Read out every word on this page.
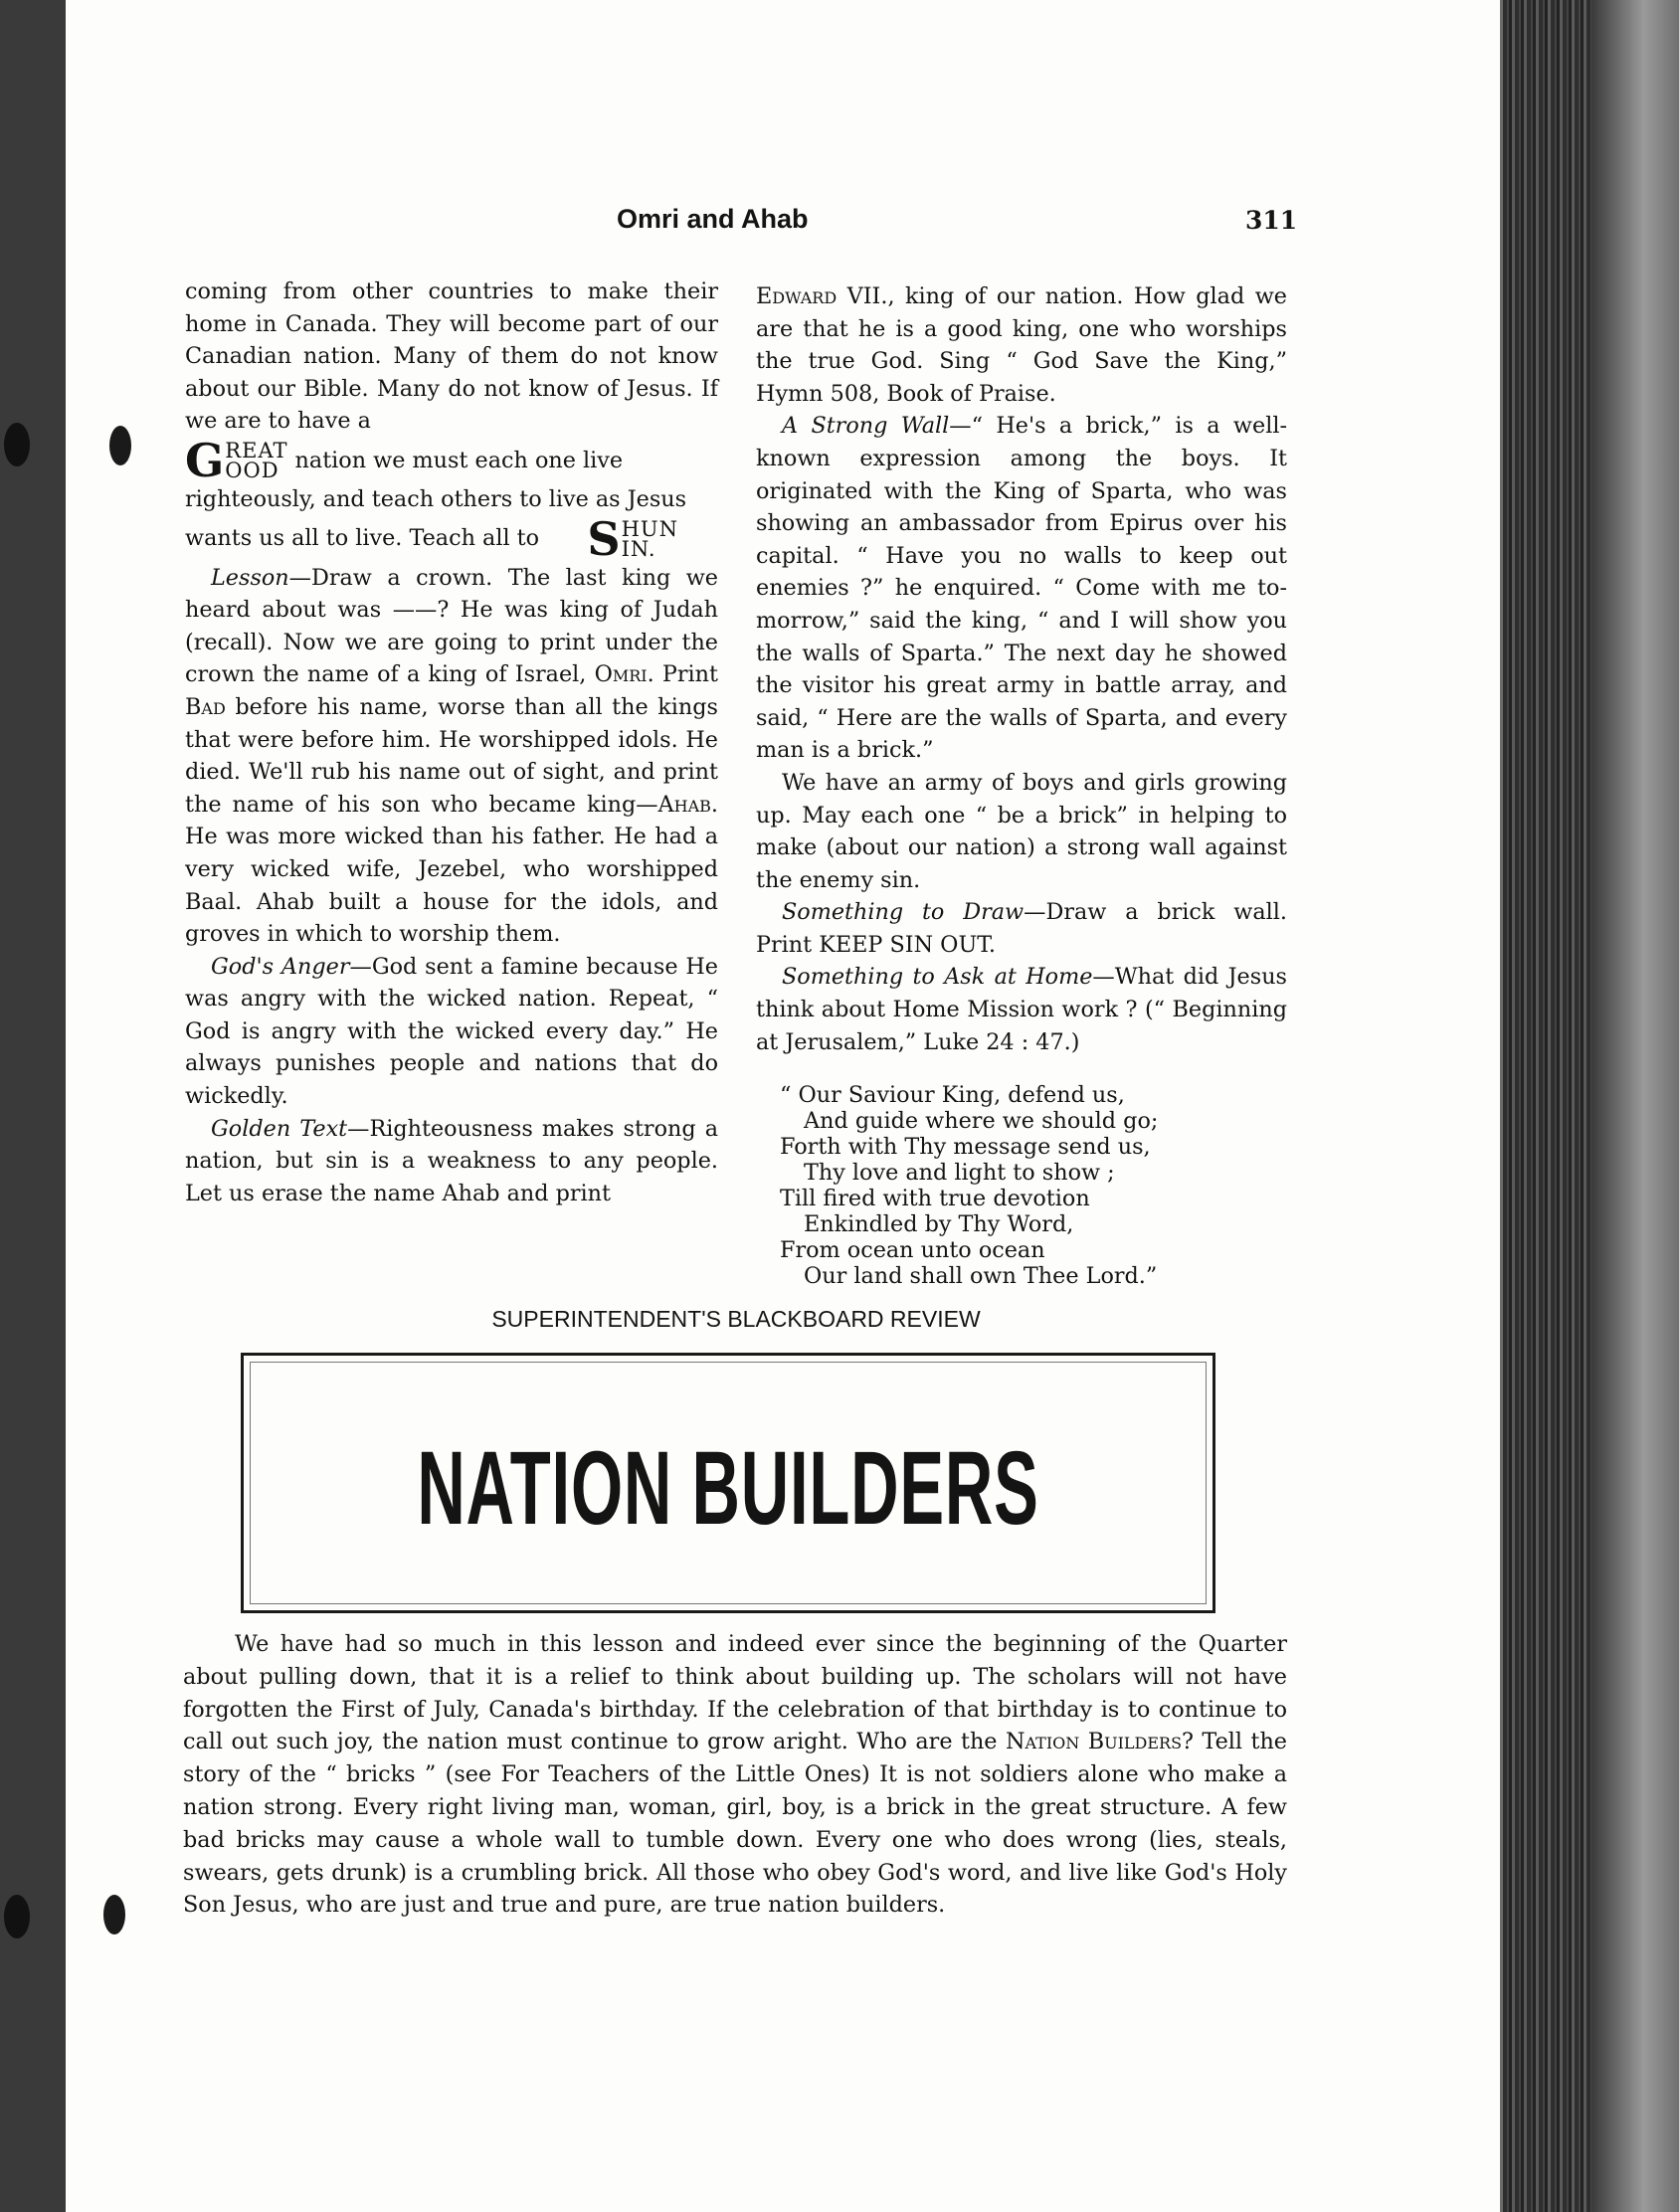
Omri and Ahab	311

coming from other countries to make their home in Canada. They will become part of our Canadian nation. Many of them do not know about our Bible. Many do not know of Jesus. If we are to have a

G REAT
OOD nation we must each one live

righteously, and teach others to live as Jesus

wants us all to live. Teach all to	S HUN
IN.

Lesson—Draw a crown. The last king we heard about was ——? He was king of Judah (recall). Now we are going to print under the crown the name of a king of Israel, Omri. Print Bad before his name, worse than all the kings that were before him. He worshipped idols. He died. We'll rub his name out of sight, and print the name of his son who became king—Ahab. He was more wicked than his father. He had a very wicked wife, Jezebel, who worshipped Baal. Ahab built a house for the idols, and groves in which to worship them.

God's Anger—God sent a famine because He was angry with the wicked nation. Repeat, “ God is angry with the wicked every day.” He always punishes people and nations that do wickedly.

Golden Text—Righteousness makes strong a nation, but sin is a weakness to any people. Let us erase the name Ahab and print

Edward VII., king of our nation. How glad we are that he is a good king, one who worships the true God. Sing “ God Save the King,” Hymn 508, Book of Praise.

A Strong Wall—“ He's a brick,” is a well-known expression among the boys. It originated with the King of Sparta, who was showing an ambassador from Epirus over his capital. “ Have you no walls to keep out enemies ?” he enquired. “ Come with me to-morrow,” said the king, “ and I will show you the walls of Sparta.” The next day he showed the visitor his great army in battle array, and said, “ Here are the walls of Sparta, and every man is a brick.”

We have an army of boys and girls growing up. May each one “ be a brick” in helping to make (about our nation) a strong wall against the enemy sin.

Something to Draw—Draw a brick wall. Print KEEP SIN OUT.

Something to Ask at Home—What did Jesus think about Home Mission work ? (“ Beginning at Jerusalem,” Luke 24 : 47.)

“ Our Saviour King, defend us,
And guide where we should go;
Forth with Thy message send us,
Thy love and light to show ;
Till fired with true devotion
Enkindled by Thy Word,
From ocean unto ocean
Our land shall own Thee Lord.”
SUPERINTENDENT'S BLACKBOARD REVIEW
NATION BUILDERS
We have had so much in this lesson and indeed ever since the beginning of the Quarter about pulling down, that it is a relief to think about building up. The scholars will not have forgotten the First of July, Canada's birthday. If the celebration of that birthday is to continue to call out such joy, the nation must continue to grow aright. Who are the Nation Builders? Tell the story of the “ bricks ” (see For Teachers of the Little Ones) It is not soldiers alone who make a nation strong. Every right living man, woman, girl, boy, is a brick in the great structure. A few bad bricks may cause a whole wall to tumble down. Every one who does wrong (lies, steals, swears, gets drunk) is a crumbling brick. All those who obey God's word, and live like God's Holy Son Jesus, who are just and true and pure, are true nation builders.
